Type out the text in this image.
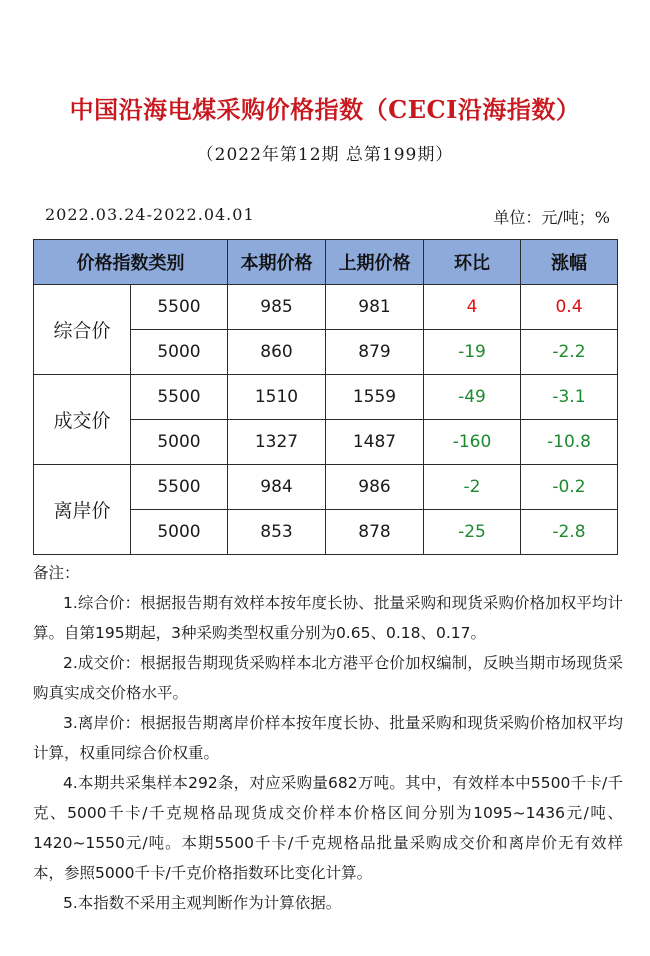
中国沿海电煤采购价格指数（CECI沿海指数）
（2022年第12期 总第199期）
2022.03.24-2022.04.01	单位：元/吨；%
价格指数类别		本期价格	上期价格	环比	涨幅
综合价	5500	985	981	4	0.4
	5000	860	879	-19	-2.2
成交价	5500	1510	1559	-49	-3.1
	5000	1327	1487	-160	-10.8
离岸价	5500	984	986	-2	-0.2
	5000	853	878	-25	-2.8
备注：

1.综合价：根据报告期有效样本按年度长协、批量采购和现货采购价格加权平均计算。自第195期起，3种采购类型权重分别为0.65、0.18、0.17。

2.成交价：根据报告期现货采购样本北方港平仓价加权编制，反映当期市场现货采购真实成交价格水平。

3.离岸价：根据报告期离岸价样本按年度长协、批量采购和现货采购价格加权平均计算，权重同综合价权重。

4.本期共采集样本292条，对应采购量682万吨。其中，有效样本中5500千卡/千克、5000千卡/千克规格品现货成交价样本价格区间分别为1095~1436元/吨、1420~1550元/吨。本期5500千卡/千克规格品批量采购成交价和离岸价无有效样本，参照5000千卡/千克价格指数环比变化计算。

5.本指数不采用主观判断作为计算依据。
